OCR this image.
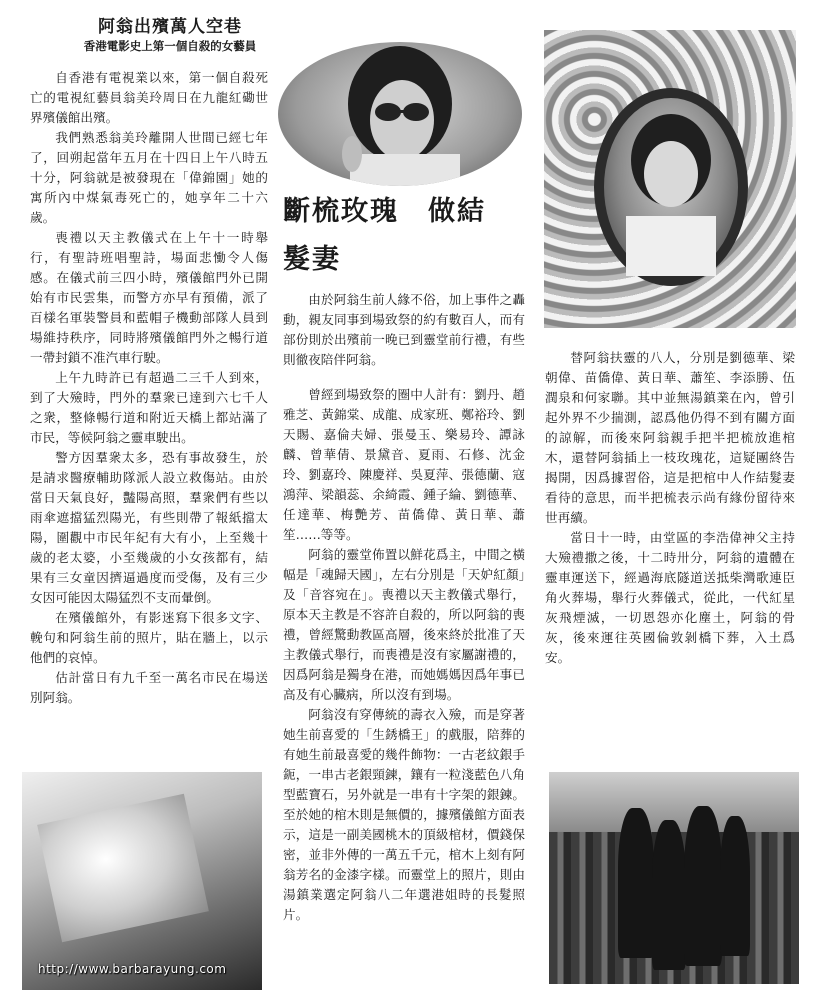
阿翁出殯萬人空巷
香港電影史上第一個自殺的女藝員

自香港有電視業以來，第一個自殺死亡的電視紅藝員翁美玲周日在九龍紅磡世界殯儀館出殯。

我們熟悉翁美玲離開人世間已經七年了，回朔起當年五月在十四日上午八時五十分，阿翁就是被發現在「偉錦園」她的寓所內中煤氣毒死亡的，她享年二十六歲。

喪禮以天主教儀式在上午十一時舉行，有聖詩班唱聖詩，場面悲慟令人傷感。在儀式前三四小時，殯儀館門外已開始有市民雲集，而警方亦早有預備，派了百樣名軍裝警員和藍帽子機動部隊人員到場維持秩序，同時將殯儀館門外之暢行道一帶封鎖不准汽車行駛。

上午九時許已有超過二三千人到來，到了大殮時，門外的羣衆已達到六七千人之衆，整條暢行道和附近天橋上都站滿了市民，等候阿翁之靈車駛出。

警方因羣衆太多，恐有事故發生，於是請求醫療輔助隊派人設立救傷站。由於當日天氣良好，豔陽高照，羣衆們有些以雨傘遮擋猛烈陽光，有些則帶了報紙擋太陽，圍觀中市民年紀有大有小，上至幾十歲的老太婆，小至幾歲的小女孩都有，結果有三女童因擠逼過度而受傷，及有三少女因可能因太陽猛烈不支而暈倒。

在殯儀館外，有影迷寫下很多文字、輓句和阿翁生前的照片，貼在牆上，以示他們的哀悼。

估計當日有九千至一萬名市民在場送別阿翁。

斷梳玫瑰　做結
髮妻

由於阿翁生前人緣不俗，加上事件之轟動，親友同事到場致祭的約有數百人，而有部份則於出殯前一晚已到靈堂前行禮，有些則徹夜陪伴阿翁。

曾經到場致祭的圈中人計有：劉丹、趙雅芝、黃錦棠、成龍、成家班、鄭裕玲、劉天賜、嘉倫夫婦、張曼玉、樂易玲、譚詠麟、曾華倩、景黛音、夏雨、石修、沈金玲、劉嘉玲、陳慶祥、吳夏萍、張德蘭、寇鴻萍、梁韻蕊、余綺霞、鍾子綸、劉德華、任達華、梅艷芳、苗僑偉、黃日華、蕭笙……等等。

阿翁的靈堂佈置以鮮花爲主，中間之橫幅是「魂歸天國」，左右分別是「天妒紅顏」及「音容宛在」。喪禮以天主教儀式舉行，原本天主教是不容許自殺的，所以阿翁的喪禮，曾經驚動教區高層，後來終於批准了天主教儀式舉行，而喪禮是沒有家屬謝禮的，因爲阿翁是獨身在港，而她媽媽因爲年事已高及有心臟病，所以沒有到場。

阿翁沒有穿傳統的壽衣入殮，而是穿著她生前喜愛的「生銹橋王」的戲服，陪葬的有她生前最喜愛的幾件飾物：一古老紋銀手鈪，一串古老銀頸鍊，鑲有一粒淺藍色八角型藍寶石，另外就是一串有十字架的銀鍊。至於她的棺木則是無價的，據殯儀館方面表示，這是一副美國桃木的頂級棺材，價錢保密，並非外傳的一萬五千元，棺木上刻有阿翁芳名的金漆字樣。而靈堂上的照片，則由湯鎮業選定阿翁八二年選港姐時的長髮照片。

替阿翁扶靈的八人，分別是劉德華、梁朝偉、苗僑偉、黃日華、蕭笙、李添勝、伍潤泉和何家聯。其中並無湯鎮業在內，曾引起外界不少揣測，認爲他仍得不到有關方面的諒解，而後來阿翁親手把半把梳放進棺木，還替阿翁插上一枝玫瑰花，這疑團終告揭開，因爲據習俗，這是把棺中人作結髮妻看待的意思，而半把梳表示尚有緣份留待來世再續。

當日十一時，由堂區的李浩偉神父主持大殮禮撒之後，十二時卅分，阿翁的遺體在靈車運送下，經過海底隧道送抵柴灣歌連臣角火葬場，舉行火葬儀式，從此，一代紅星灰飛煙滅，一切恩怨亦化塵土，阿翁的骨灰，後來運往英國倫敦剝橋下葬，入土爲安。

http://www.barbarayung.com
